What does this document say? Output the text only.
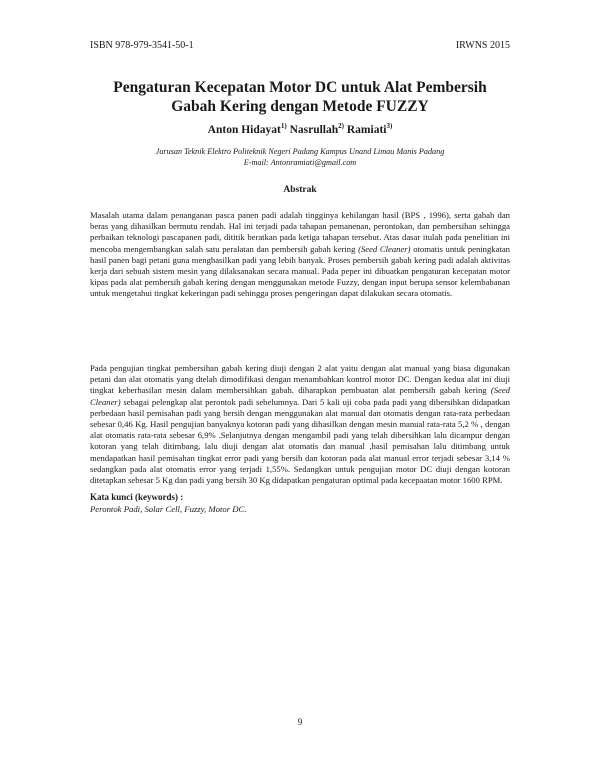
ISBN 978-979-3541-50-1	IRWNS 2015
Pengaturan Kecepatan Motor DC untuk Alat Pembersih
Gabah Kering dengan Metode FUZZY
Anton Hidayat$^{1)}$ Nasrullah$^{2)}$ Ramiati$^{3)}$
Jurusan Teknik Elektro Politeknik Negeri Padang Kampus Unand Limau Manis Padang
E-mail: Antonramiati@gmail.com
Abstrak

Masalah utama dalam penanganan pasca panen padi adalah tingginya kehilangan hasil (BPS , 1996), serta gabah dan beras yang dihasilkan bermutu rendah. Hal ini terjadi pada tahapan pemanenan, perontokan, dan pembersihan sehingga perbaikan teknologi pascapanen padi, dititik beratkan pada ketiga tahapan tersebut. Atas dasar itulah pada penelitian ini mencoba mengembangkan salah satu peralatan dan pembersih gabah kering (Seed Cleaner) otomatis untuk peningkatan hasil panen bagi petani guna menghasilkan padi yang lebih banyak. Proses pembersih gabah kering padi adalah aktivitas kerja dari sebuah sistem mesin yang dilaksanakan secara manual. Pada peper ini dibuatkan pengaturan kecepatan motor kipas pada alat pembersih gabah kering dengan menggunakan metode Fuzzy, dengan input berupa sensor kelembabanan untuk mengetahui tingkat kekeringan padi sehingga proses pengeringan dapat dilakukan secara otomatis.

Pada pengujian tingkat pembersihan gabah kering diuji dengan 2 alat yaitu dengan alat manual yang biasa digunakan petani dan alat otomatis yang dtelah dimodifikasi dengan menambahkan kontrol motor DC. Dengan kedua alat ini diuji tingkat keberhasilan mesin dalam membersihkan gabah. diharapkan pembuatan alat pembersih gabah kering (Seed Cleaner) sebagai pelengkap alat perontok padi sebelumnya. Dari 5 kali uji coba pada padi yang dibersihkan didapatkan perbedaan hasil pemisahan padi yang bersih dengan menggunakan alat manual dan otomatis dengan rata-rata perbedaan sebesar 0,46 Kg. Hasil pengujian banyaknya kotoran padi yang dihasilkan dengan mesin manual rata-rata 5,2 % , dengan alat otomatis rata-rata sebesar 6,9% .Selanjutnya dengan mengambil padi yang telah dibersihkan lalu dicampur dengan kotoran yang telah ditimbang, lalu diuji dengan alat otomatis dan manual ,hasil pemisahan lalu ditimbang untuk mendapatkan hasil pemisahan tingkat error padi yang bersih dan kotoran pada alat manual error terjadi sebesar 3,14 % sedangkan pada alat otomatis error yang terjadi 1,55%. Sedangkan untuk pengujian motor DC diuji dengan kotoran ditetapkan sebesar 5 Kg dan padi yang bersih 30 Kg didapatkan pengaturan optimal pada kecepaatan motor 1600 RPM.

Kata kunci (keywords) :
Perontok Padi, Solar Cell, Fuzzy, Motor DC.
9
